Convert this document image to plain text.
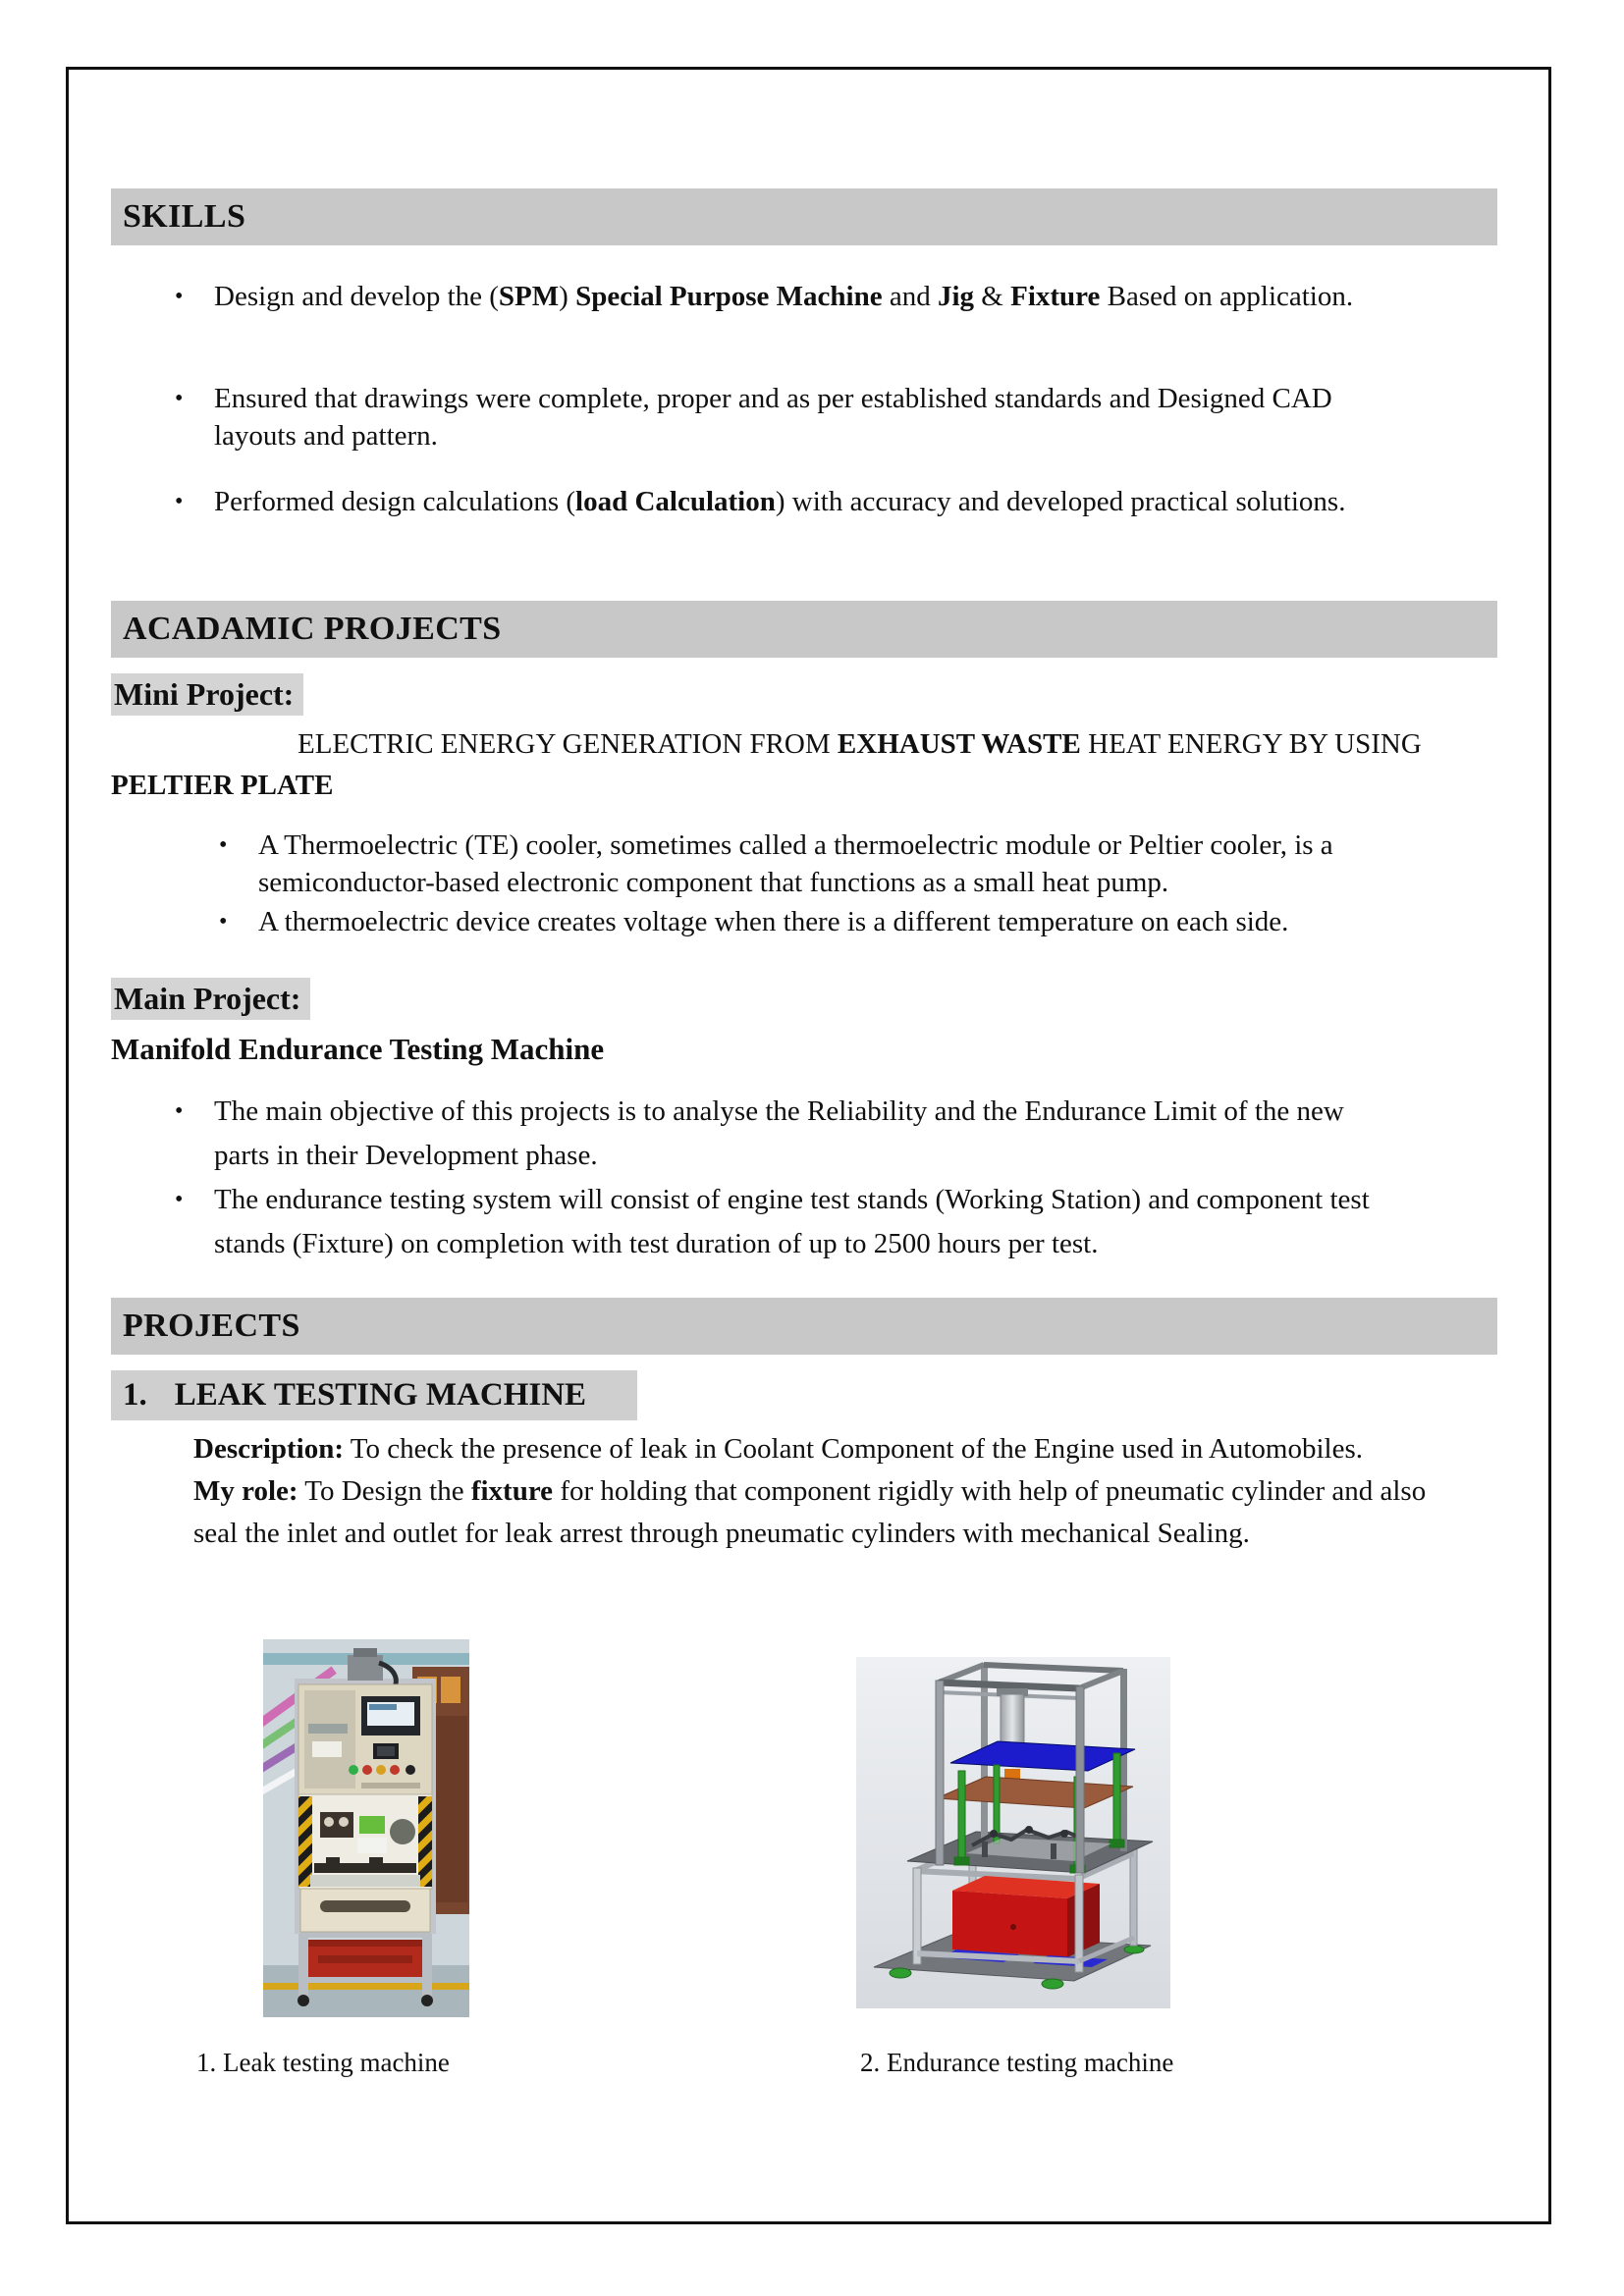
SKILLS
•	Design and develop the (SPM) Special Purpose Machine and Jig & Fixture Based on application.
•	Ensured that drawings were complete, proper and as per established standards and Designed CAD layouts and pattern.
•	Performed design calculations (load Calculation) with accuracy and developed practical solutions.
ACADAMIC PROJECTS
Mini Project:

ELECTRIC ENERGY GENERATION FROM EXHAUST WASTE HEAT ENERGY BY USING
PELTIER PLATE

•	A Thermoelectric (TE) cooler, sometimes called a thermoelectric module or Peltier cooler, is a semiconductor-based electronic component that functions as a small heat pump.
•	A thermoelectric device creates voltage when there is a different temperature on each side.
Main Project:
Manifold Endurance Testing Machine
•	The main objective of this projects is to analyse the Reliability and the Endurance Limit of the new parts in their Development phase.
•	The endurance testing system will consist of engine test stands (Working Station) and component test stands (Fixture) on completion with test duration of up to 2500 hours per test.
PROJECTS
1. LEAK TESTING MACHINE

Description: To check the presence of leak in Coolant Component of the Engine used in Automobiles.

My role: To Design the fixture for holding that component rigidly with help of pneumatic cylinder and also seal the inlet and outlet for leak arrest through pneumatic cylinders with mechanical Sealing.

1. Leak testing machine	2. Endurance testing machine
